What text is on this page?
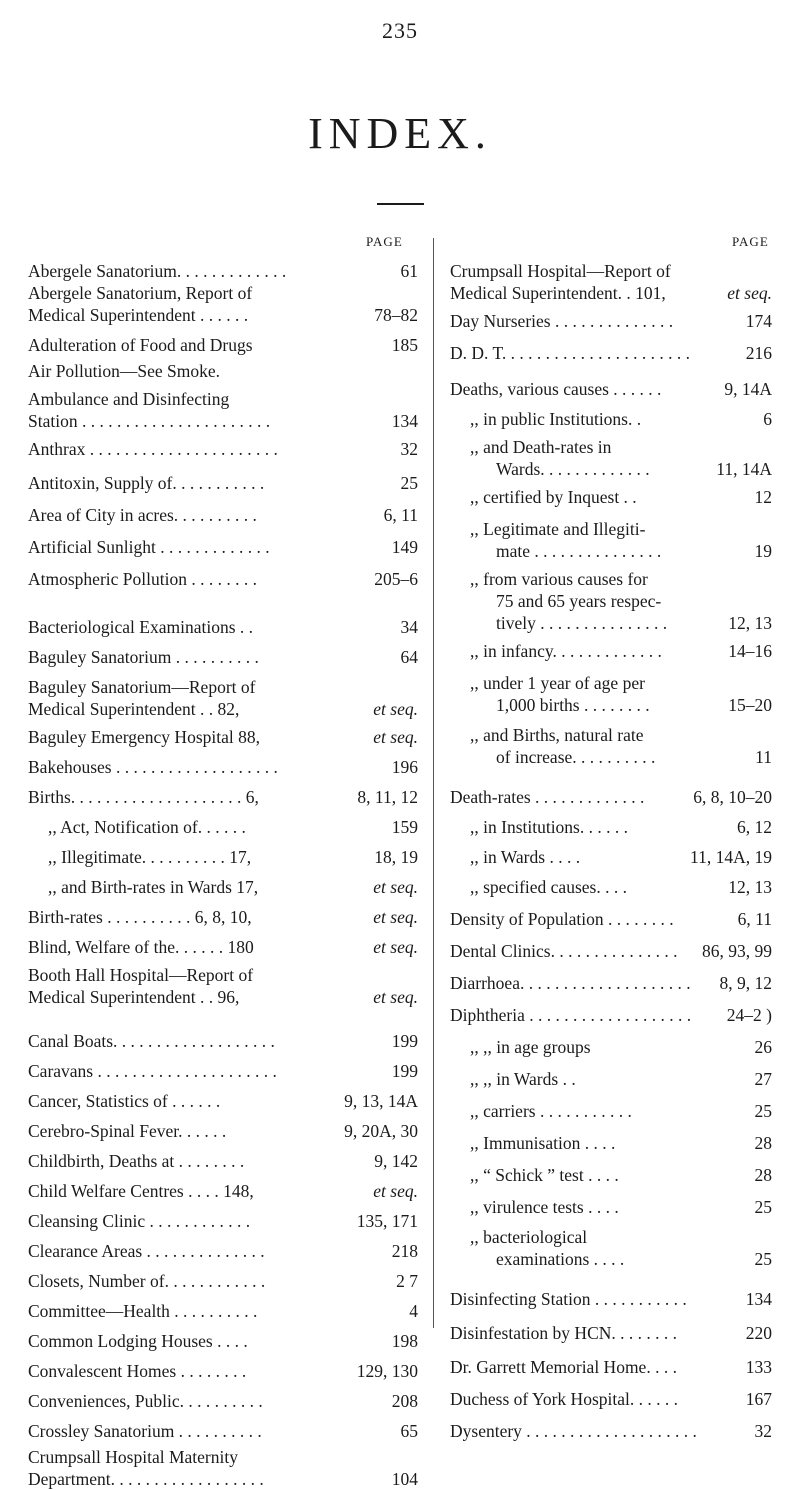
235
INDEX.
PAGE	PAGE
Abergele Sanatorium. . . . . . . . . . . . .	61
Abergele Sanatorium, Report of
Medical Superintendent . . . . . .	78–82
Adulteration of Food and Drugs	185
Air Pollution—See Smoke.
Ambulance and Disinfecting
Station . . . . . . . . . . . . . . . . . . . . . .	134
Anthrax . . . . . . . . . . . . . . . . . . . . . .	32
Antitoxin, Supply of. . . . . . . . . . .	25
Area of City in acres. . . . . . . . . .	6, 11
Artificial Sunlight . . . . . . . . . . . . .	149
Atmospheric Pollution . . . . . . . .	205–6
Bacteriological Examinations . .	34
Baguley Sanatorium . . . . . . . . . .	64
Baguley Sanatorium—Report of
Medical Superintendent . . 82,	et seq.
Baguley Emergency Hospital 88,	et seq.
Bakehouses . . . . . . . . . . . . . . . . . . .	196
Births. . . . . . . . . . . . . . . . . . . . 6,	8, 11, 12
,, Act, Notification of. . . . . .	159
,, Illegitimate. . . . . . . . . . 17,	18, 19
,, and Birth-rates in Wards 17,	et seq.
Birth-rates . . . . . . . . . . 6, 8, 10,	et seq.
Blind, Welfare of the. . . . . . 180	et seq.
Booth Hall Hospital—Report of
Medical Superintendent . . 96,	et seq.
Canal Boats. . . . . . . . . . . . . . . . . . .	199
Caravans . . . . . . . . . . . . . . . . . . . . .	199
Cancer, Statistics of . . . . . .	9, 13, 14A
Cerebro-Spinal Fever. . . . . .	9, 20A, 30
Childbirth, Deaths at . . . . . . . .	9, 142
Child Welfare Centres . . . . 148,	et seq.
Cleansing Clinic . . . . . . . . . . . .	135, 171
Clearance Areas . . . . . . . . . . . . . .	218
Closets, Number of. . . . . . . . . . . .	2 7
Committee—Health . . . . . . . . . .	4
Common Lodging Houses . . . .	198
Convalescent Homes . . . . . . . .	129, 130
Conveniences, Public. . . . . . . . . .	208
Crossley Sanatorium . . . . . . . . . .	65
Crumpsall Hospital Maternity
Department. . . . . . . . . . . . . . . . . .	104
Crumpsall Hospital—Report of
Medical Superintendent. . 101,	et seq.
Day Nurseries . . . . . . . . . . . . . .	174
D. D. T. . . . . . . . . . . . . . . . . . . . . .	216
Deaths, various causes . . . . . .	9, 14A
,, in public Institutions. .	6
,, and Death-rates in
Wards. . . . . . . . . . . . .	11, 14A
,, certified by Inquest . .	12
,, Legitimate and Illegiti-
mate . . . . . . . . . . . . . . .	19
,, from various causes for
75 and 65 years respec-
tively . . . . . . . . . . . . . . .	12, 13
,, in infancy. . . . . . . . . . . . .	14–16
,, under 1 year of age per
1,000 births . . . . . . . .	15–20
,, and Births, natural rate
of increase. . . . . . . . . .	11
Death-rates . . . . . . . . . . . . .	6, 8, 10–20
,, in Institutions. . . . . .	6, 12
,, in Wards . . . .	11, 14A, 19
,, specified causes. . . .	12, 13
Density of Population . . . . . . . .	6, 11
Dental Clinics. . . . . . . . . . . . . . .	86, 93, 99
Diarrhoea. . . . . . . . . . . . . . . . . . . .	8, 9, 12
Diphtheria . . . . . . . . . . . . . . . . . . .	24–2 )
,, ,, in age groups	26
,, ,, in Wards . .	27
,, carriers . . . . . . . . . . .	25
,, Immunisation . . . .	28
,, “ Schick ” test . . . .	28
,, virulence tests . . . .	25
,, bacteriological
examinations . . . .	25
Disinfecting Station . . . . . . . . . . .	134
Disinfestation by HCN. . . . . . . .	220
Dr. Garrett Memorial Home. . . .	133
Duchess of York Hospital. . . . . .	167
Dysentery . . . . . . . . . . . . . . . . . . . .	32
